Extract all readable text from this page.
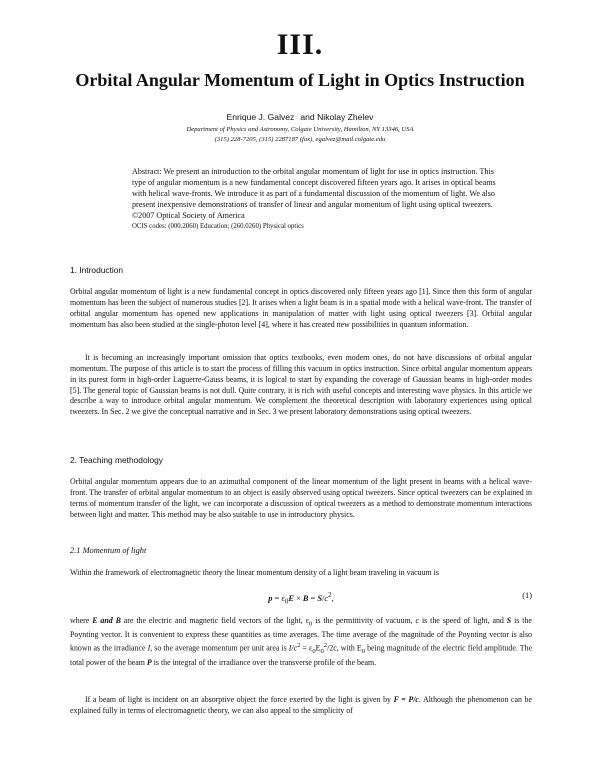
III.
Orbital Angular Momentum of Light in Optics Instruction
Enrique J. Galvez and Nikolay Zhelev
Department of Physics and Astronomy, Colgate University, Hamilton, NY 13346, USA
(315) 228-7205, (315) 2287187 (fax), egalvez@mail.colgate.edu

Abstract: We present an introduction to the orbital angular momentum of light for use in optics instruction. This type of angular momentum is a new fundamental concept discovered fifteen years ago. It arises in optical beams with helical wave-fronts. We introduce it as part of a fundamental discussion of the momentum of light. We also present inexpensive demonstrations of transfer of linear and angular momentum of light using optical tweezers.

©2007 Optical Society of America

OCIS codes: (000.2060) Education; (260.0260) Physical optics

1. Introduction

Orbital angular momentum of light is a new fundamental concept in optics discovered only fifteen years ago [1]. Since then this form of angular momentum has been the subject of numerous studies [2]. It arises when a light beam is in a spatial mode with a helical wave-front. The transfer of orbital angular momentum has opened new applications in manipulation of matter with light using optical tweezers [3]. Orbital angular momentum has also been studied at the single-photon level [4], where it has created new possibilities in quantum information.

It is becoming an increasingly important omission that optics textbooks, even modern ones, do not have discussions of orbital angular momentum. The purpose of this article is to start the process of filling this vacuum in optics instruction. Since orbital angular momentum appears in its purest form in high-order Laguerre-Gauss beams, it is logical to start by expanding the coverage of Gaussian beams in high-order modes [5]. The general topic of Gaussian beams is not dull. Quite contrary, it is rich with useful concepts and interesting wave physics. In this article we describe a way to introduce orbital angular momentum. We complement the theoretical description with laboratory experiences using optical tweezers. In Sec. 2 we give the conceptual narrative and in Sec. 3 we present laboratory demonstrations using optical tweezers.

2. Teaching methodology

Orbital angular momentum appears due to an azimuthal component of the linear momentum of the light present in beams with a helical wave-front. The transfer of orbital angular momentum to an object is easily observed using optical tweezers. Since optical tweezers can be explained in terms of momentum transfer of the light, we can incorporate a discussion of optical tweezers as a method to demonstrate momentum interactions between light and matter. This method may be also suitable to use in introductory physics.

2.1 Momentum of light

Within the framework of electromagnetic theory the linear momentum density of a light beam traveling in vacuum is

$p = \varepsilon_0E \times B = S/c^2$,	(1)

where E and B are the electric and magnetic field vectors of the light, $\varepsilon_0$ is the permittivity of vacuum, c is the speed of light, and S is the Poynting vector. It is convenient to express these quantities as time averages. The time average of the magnitude of the Poynting vector is also known as the irradiance I, so the average momentum per unit area is $I/c^2 = \varepsilon_0E_0^2/2c$, with $E_0$ being magnitude of the electric field amplitude. The total power of the beam P is the integral of the irradiance over the transverse profile of the beam.

If a beam of light is incident on an absorptive object the force exerted by the light is given by F = P/c. Although the phenomenon can be explained fully in terms of electromagnetic theory, we can also appeal to the simplicity of
